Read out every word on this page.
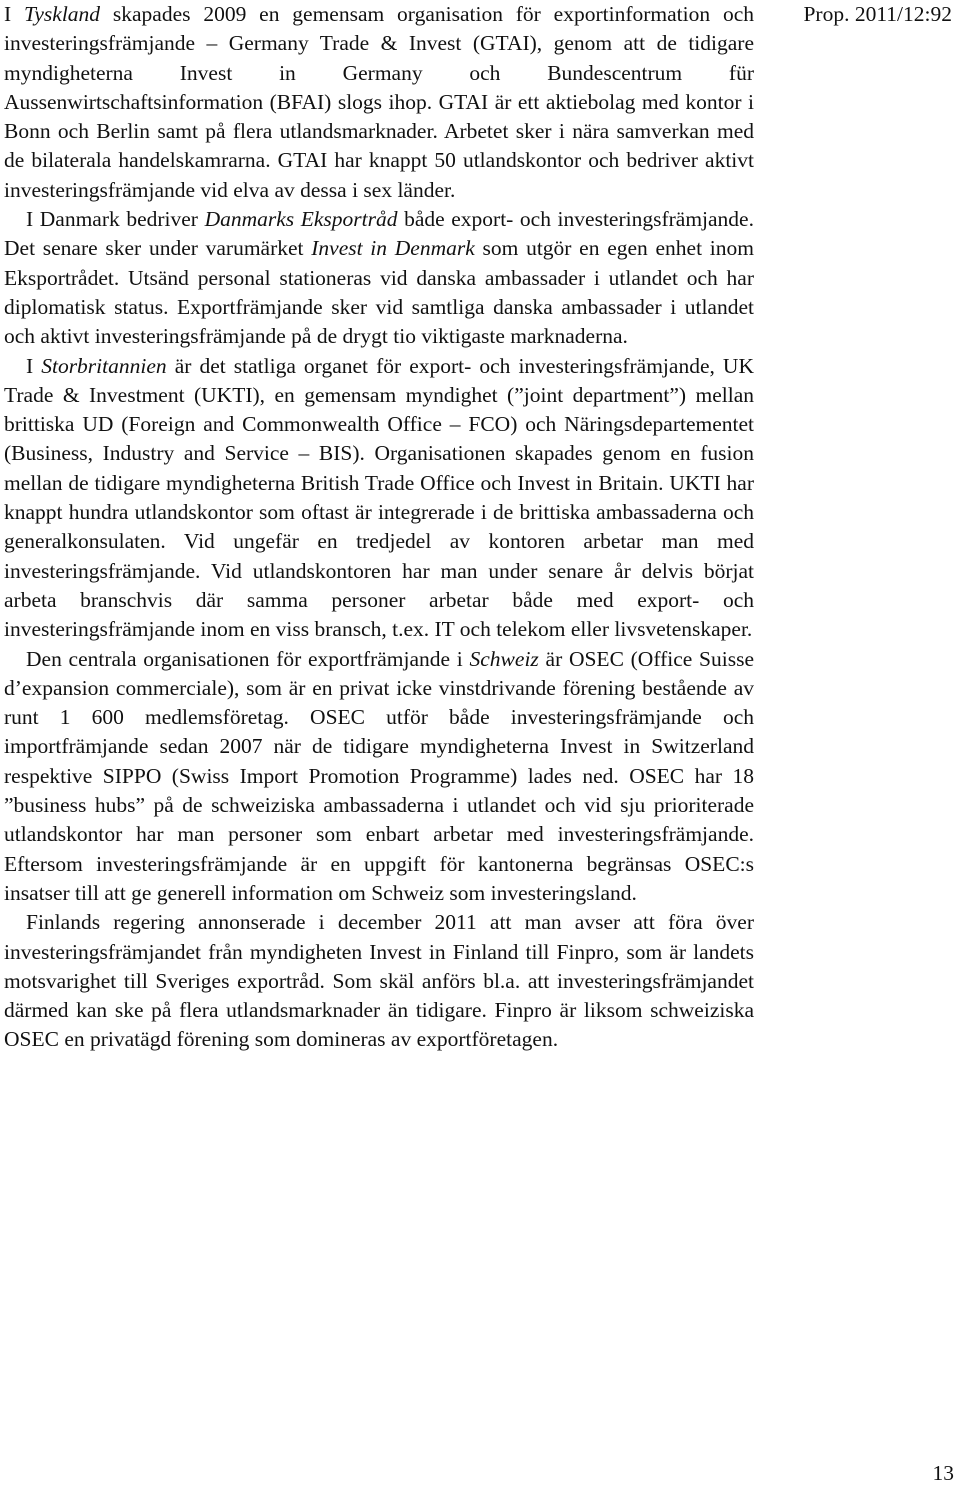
I Tyskland skapades 2009 en gemensam organisation för exportinformation och investeringsfrämjande – Germany Trade & Invest (GTAI), genom att de tidigare myndigheterna Invest in Germany och Bundescentrum für Aussenwirtschaftsinformation (BFAI) slogs ihop. GTAI är ett aktiebolag med kontor i Bonn och Berlin samt på flera utlandsmarknader. Arbetet sker i nära samverkan med de bilaterala handelskamrarna. GTAI har knappt 50 utlandskontor och bedriver aktivt investeringsfrämjande vid elva av dessa i sex länder.

I Danmark bedriver Danmarks Eksportråd både export- och investeringsfrämjande. Det senare sker under varumärket Invest in Denmark som utgör en egen enhet inom Eksportrådet. Utsänd personal stationeras vid danska ambassader i utlandet och har diplomatisk status. Exportfrämjande sker vid samtliga danska ambassader i utlandet och aktivt investeringsfrämjande på de drygt tio viktigaste marknaderna.

I Storbritannien är det statliga organet för export- och investeringsfrämjande, UK Trade & Investment (UKTI), en gemensam myndighet (”joint department”) mellan brittiska UD (Foreign and Commonwealth Office – FCO) och Näringsdepartementet (Business, Industry and Service – BIS). Organisationen skapades genom en fusion mellan de tidigare myndigheterna British Trade Office och Invest in Britain. UKTI har knappt hundra utlandskontor som oftast är integrerade i de brittiska ambassaderna och generalkonsulaten. Vid ungefär en tredjedel av kontoren arbetar man med investeringsfrämjande. Vid utlandskontoren har man under senare år delvis börjat arbeta branschvis där samma personer arbetar både med export- och investeringsfrämjande inom en viss bransch, t.ex. IT och telekom eller livsvetenskaper.

Den centrala organisationen för exportfrämjande i Schweiz är OSEC (Office Suisse d’expansion commerciale), som är en privat icke vinstdrivande förening bestående av runt 1 600 medlemsföretag. OSEC utför både investeringsfrämjande och importfrämjande sedan 2007 när de tidigare myndigheterna Invest in Switzerland respektive SIPPO (Swiss Import Promotion Programme) lades ned. OSEC har 18 ”business hubs” på de schweiziska ambassaderna i utlandet och vid sju prioriterade utlandskontor har man personer som enbart arbetar med investeringsfrämjande. Eftersom investeringsfrämjande är en uppgift för kantonerna begränsas OSEC:s insatser till att ge generell information om Schweiz som investeringsland.

Finlands regering annonserade i december 2011 att man avser att föra över investeringsfrämjandet från myndigheten Invest in Finland till Finpro, som är landets motsvarighet till Sveriges exportråd. Som skäl anförs bl.a. att investeringsfrämjandet därmed kan ske på flera utlandsmarknader än tidigare. Finpro är liksom schweiziska OSEC en privatägd förening som domineras av exportföretagen.

Prop. 2011/12:92
13
